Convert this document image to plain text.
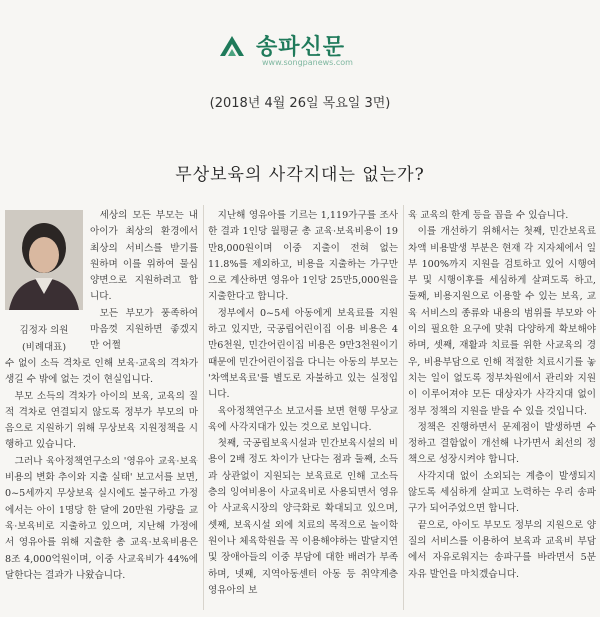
송파신문
www.songpanews.com
(2018년 4월 26일 목요일 3면)
무상보육의 사각지대는 없는가?
김정자 의원
(비례대표)

세상의 모든 부모는 내 아이가 최상의 환경에서 최상의 서비스를 받기를 원하며 이를 위하여 물심양면으로 지원하려고 합니다.

모든 부모가 풍족하여 마음껏 지원하면 좋겠지만 어쩔

수 없이 소득 격차로 인해 보육·교육의 격차가 생길 수 밖에 없는 것이 현실입니다.

부모 소득의 격차가 아이의 보육, 교육의 질적 격차로 연결되지 않도록 정부가 부모의 마음으로 지원하기 위해 무상보육 지원정책을 시행하고 있습니다.

그러나 육아정책연구소의 '영유아 교육·보육비용의 변화 추이와 지출 실태' 보고서를 보면, 0~5세까지 무상보육 실시에도 불구하고 가정에서는 아이 1명당 한 달에 20만원 가량을 교육·보육비로 지출하고 있으며, 지난해 가정에서 영유아를 위해 지출한 총 교육·보육비용은 8조 4,000억원이며, 이중 사교육비가 44%에 달한다는 결과가 나왔습니다.

지난해 영유아를 기르는 1,119가구를 조사한 결과 1인당 월평균 총 교육·보육비용이 19만8,000원이며 이중 지출이 전혀 없는 11.8%를 제외하고, 비용을 지출하는 가구만으로 계산하면 영유아 1인당 25만5,000원을 지출한다고 합니다.

정부에서 0~5세 아동에게 보육료를 지원하고 있지만, 국공립어린이집 이용 비용은 4만6천원, 민간어린이집 비용은 9만3천원이기 때문에 민간어린이집을 다니는 아동의 부모는 '차액보육료'를 별도로 자불하고 있는 실정입니다.

육아정책연구소 보고서를 보면 현행 무상교육에 사각지대가 있는 것으로 보입니다.

첫째, 국공립보육시설과 민간보육시설의 비용이 2배 정도 차이가 난다는 점과 둘째, 소득과 상관없이 지원되는 보육료로 인해 고소득층의 잉여비용이 사교육비로 사용되면서 영유아 사교육시장의 양극화로 확대되고 있으며, 셋째, 보육시설 외에 치료의 목적으로 놀이학원이나 체육학원을 꼭 이용해야하는 발달지연 및 장애아들의 이중 부담에 대한 배려가 부족하며, 넷째, 지역아동센터 아동 등 취약계층 영유아의 보

육 교육의 한계 등을 꼽을 수 있습니다.

이를 개선하기 위해서는 첫째, 민간보육료 차액 비용발생 부분은 현재 각 지자체에서 일부 100%까지 지원을 검토하고 있어 시행여부 및 시행이후를 세심하게 살펴도록 하고, 둘째, 비용지원으로 이용할 수 있는 보육, 교육 서비스의 종류와 내용의 범위를 부모와 아이의 필요한 요구에 맞춰 다양하게 확보해야 하며, 셋째, 재활과 치료를 위한 사교육의 경우, 비용부담으로 인해 적절한 치료시기를 놓치는 일이 없도록 정부차원에서 관리와 지원이 이루어져야 모든 대상자가 사각지대 없이 정부 정책의 지원을 받을 수 있을 것입니다.

정책은 진행하면서 문제점이 발생하면 수정하고 결함없이 개선해 나가면서 최선의 정책으로 성장시켜야 합니다.

사각지대 없이 소외되는 계층이 발생되지 않도록 세심하게 살피고 노력하는 우리 송파구가 되어주었으면 합니다.

끝으로, 아이도 부모도 정부의 지원으로 양질의 서비스를 이용하여 보육과 교육비 부담에서 자유로워지는 송파구를 바라면서 5분 자유 발언을 마치겠습니다.
